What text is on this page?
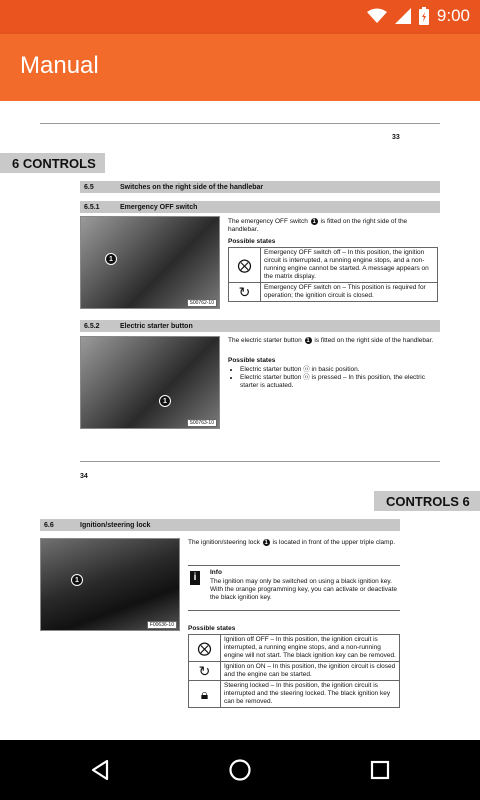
9:00
Manual
33
6 CONTROLS
6.5	Switches on the right side of the handlebar
6.5.1	Emergency OFF switch
1
S00762-10
The emergency OFF switch 1 is fitted on the right side of the handlebar.
Possible states
⨂	Emergency OFF switch off – In this position, the ignition circuit is interrupted, a running engine stops, and a non-running engine cannot be started. A message appears on the matrix display.
↻	Emergency OFF switch on – This position is required for operation; the ignition circuit is closed.
6.5.2	Electric starter button
1
S00763-10
The electric starter button 1 is fitted on the right side of the handlebar.
Possible states
• Electric starter button ⓞ in basic position.
• Electric starter button ⓞ is pressed – In this position, the electric starter is actuated.
34
CONTROLS 6
6.6	Ignition/steering lock
1
F00636-10
The ignition/steering lock 1 is located in front of the upper triple clamp.
i	Info
The ignition may only be switched on using a black ignition key. With the orange programming key, you can activate or deactivate the black ignition key.
Possible states
⨂	Ignition off OFF – In this position, the ignition circuit is interrupted, a running engine stops, and a non-running engine will not start. The black ignition key can be removed.
↻	Ignition on ON – In this position, the ignition circuit is closed and the engine can be started.
🔒︎	Steering locked – In this position, the ignition circuit is interrupted and the steering locked. The black ignition key can be removed.
